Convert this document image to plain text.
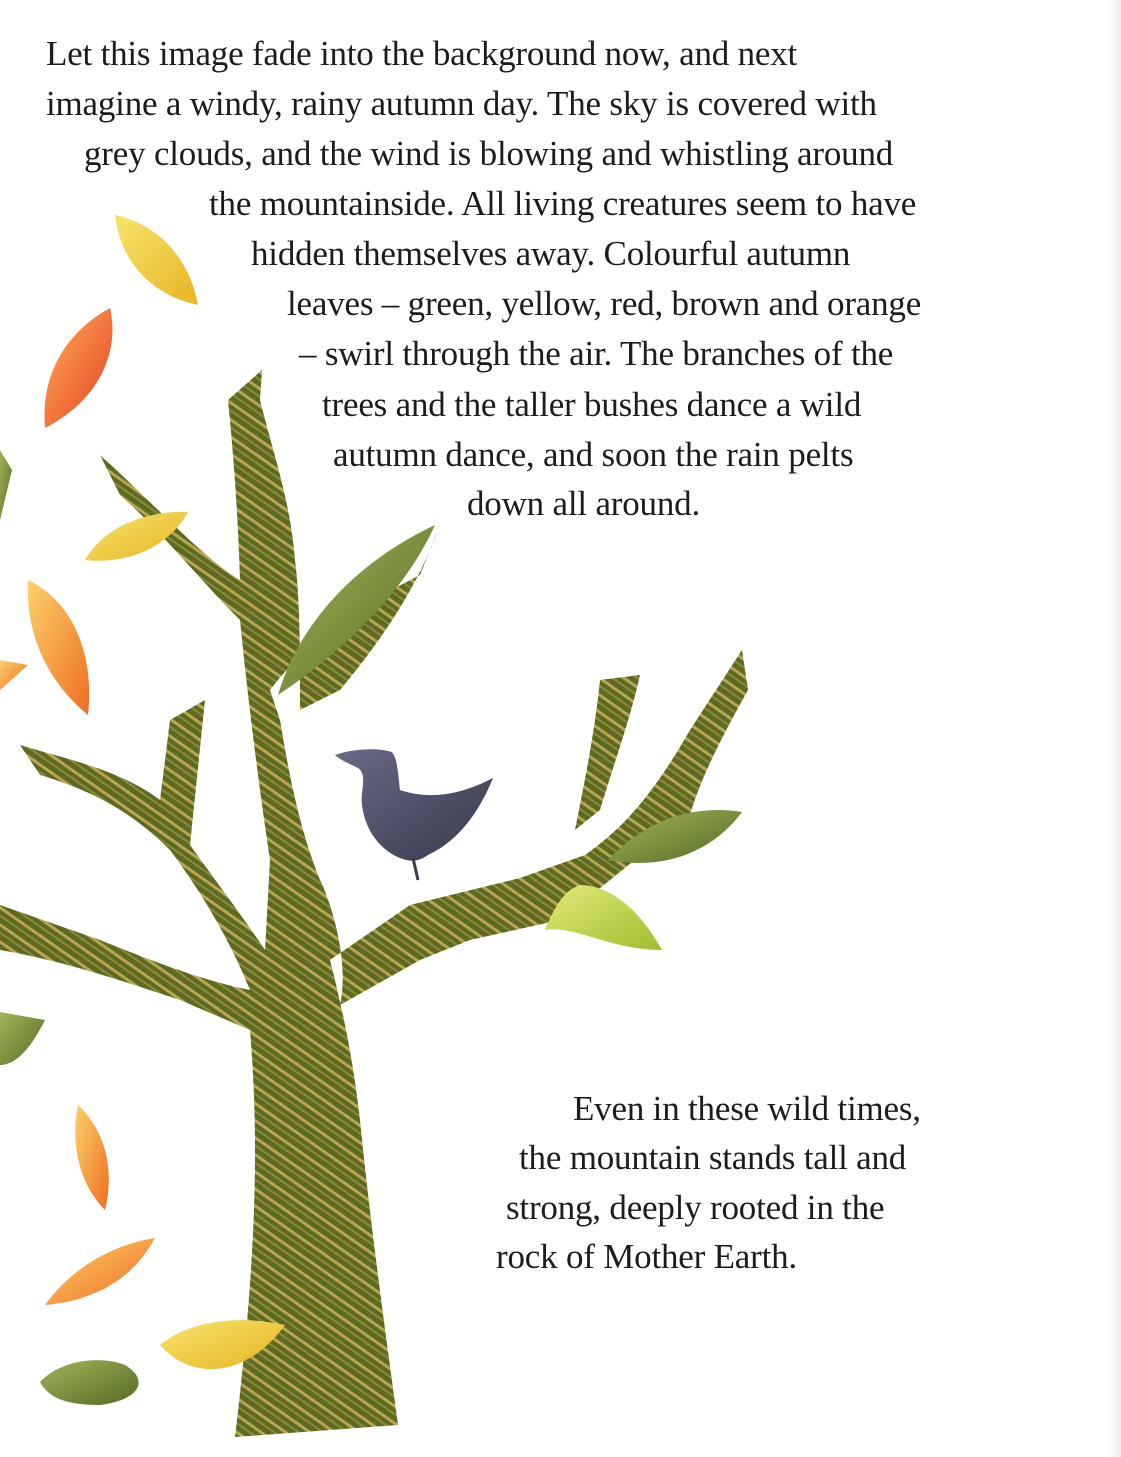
Let this image fade into the background now, and next
imagine a windy, rainy autumn day. The sky is covered with
grey clouds, and the wind is blowing and whistling around
the mountainside. All living creatures seem to have
hidden themselves away. Colourful autumn
leaves – green, yellow, red, brown and orange
– swirl through the air. The branches of the
trees and the taller bushes dance a wild
autumn dance, and soon the rain pelts
down all around.
Even in these wild times,
the mountain stands tall and
strong, deeply rooted in the
rock of Mother Earth.
